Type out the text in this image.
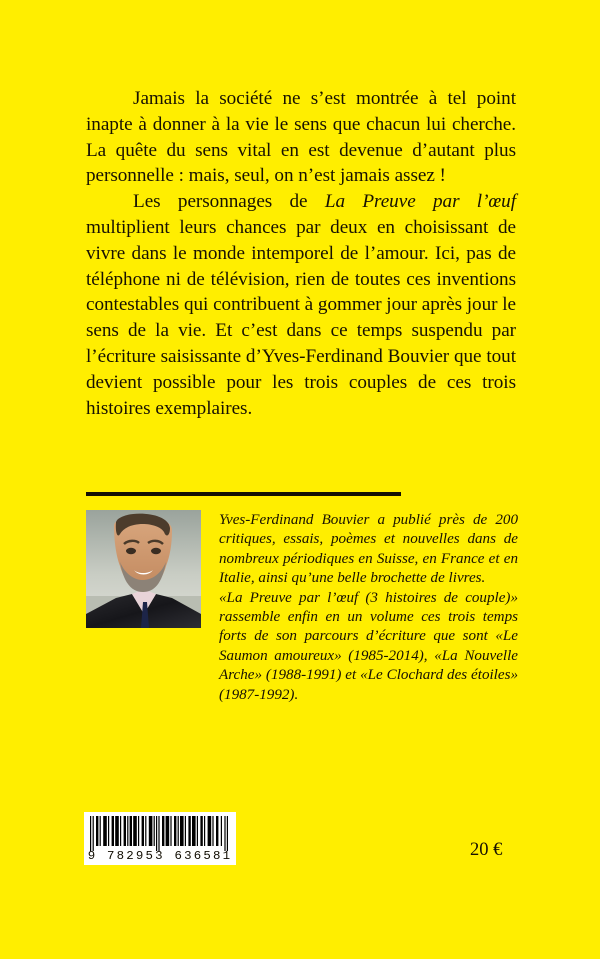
Jamais la société ne s’est montrée à tel point inapte à donner à la vie le sens que chacun lui cherche. La quête du sens vital en est devenue d’autant plus personnelle : mais, seul, on n’est jamais assez !

Les personnages de La Preuve par l’œuf multiplient leurs chances par deux en choisissant de vivre dans le monde intemporel de l’amour. Ici, pas de téléphone ni de télévision, rien de toutes ces inventions contestables qui contribuent à gommer jour après jour le sens de la vie. Et c’est dans ce temps suspendu par l’écriture saisissante d’Yves-Ferdinand Bouvier que tout devient possible pour les trois couples de ces trois histoires exemplaires.

Yves-Ferdinand Bouvier a publié près de 200 critiques, essais, poèmes et nouvelles dans de nombreux périodiques en Suisse, en France et en Italie, ainsi qu’une belle brochette de livres.

«La Preuve par l’œuf (3 histoires de couple)» rassemble enfin en un volume ces trois temps forts de son parcours d’écriture que sont «Le Saumon amoureux» (1985-2014), «La Nouvelle Arche» (1988-1991) et «Le Clochard des étoiles» (1987-1992).

9 782953 636581	20 €
